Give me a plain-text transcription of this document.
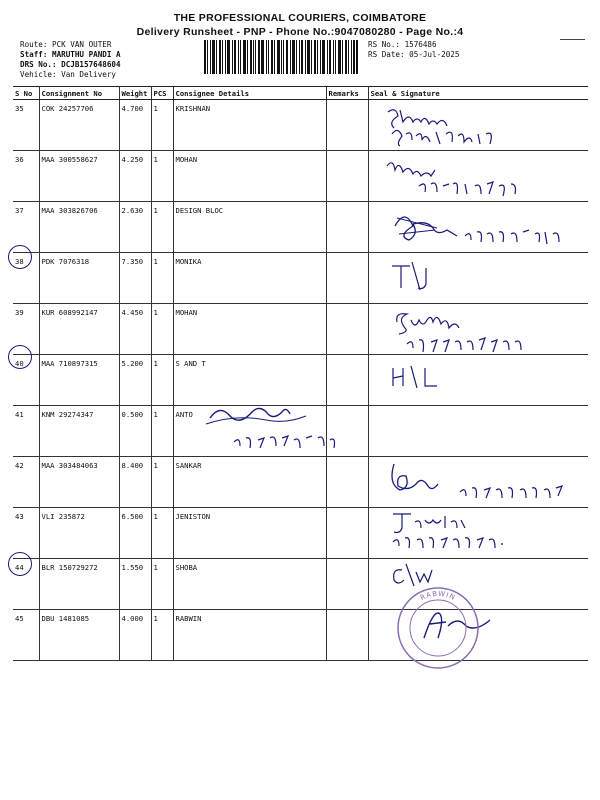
THE PROFESSIONAL COURIERS, COIMBATORE
Delivery Runsheet - PNP - Phone No.:9047080280 - Page No.:4
Route: PCK VAN OUTER
Staff: MARUTHU PANDI A
DRS No.: DCJB157648604
Vehicle: Van Delivery
RS No.: 1576486
RS Date: 05-Jul-2025
S No	Consignment No	Weight	PCS	Consignee Details	Remarks	Seal & Signature
35	COK 24257706	4.700	1	KRISHNAN		
36	MAA 300558627	4.250	1	MOHAN		
37	MAA 303826706	2.630	1	DESIGN BLOC		
38	PDK 7076318	7.350	1	MONIKA		
39	KUR 608992147	4.450	1	MOHAN		
40	MAA 710897315	5.200	1	S AND T		
41	KNM 29274347	0.500	1	ANTO		
42	MAA 303484063	8.400	1	SANKAR		
43	VLI 235872	6.500	1	JENISTON		
44	BLR 150729272	1.550	1	SHOBA		
45	DBU 1481085	4.000	1	RABWIN		
RABWIN
